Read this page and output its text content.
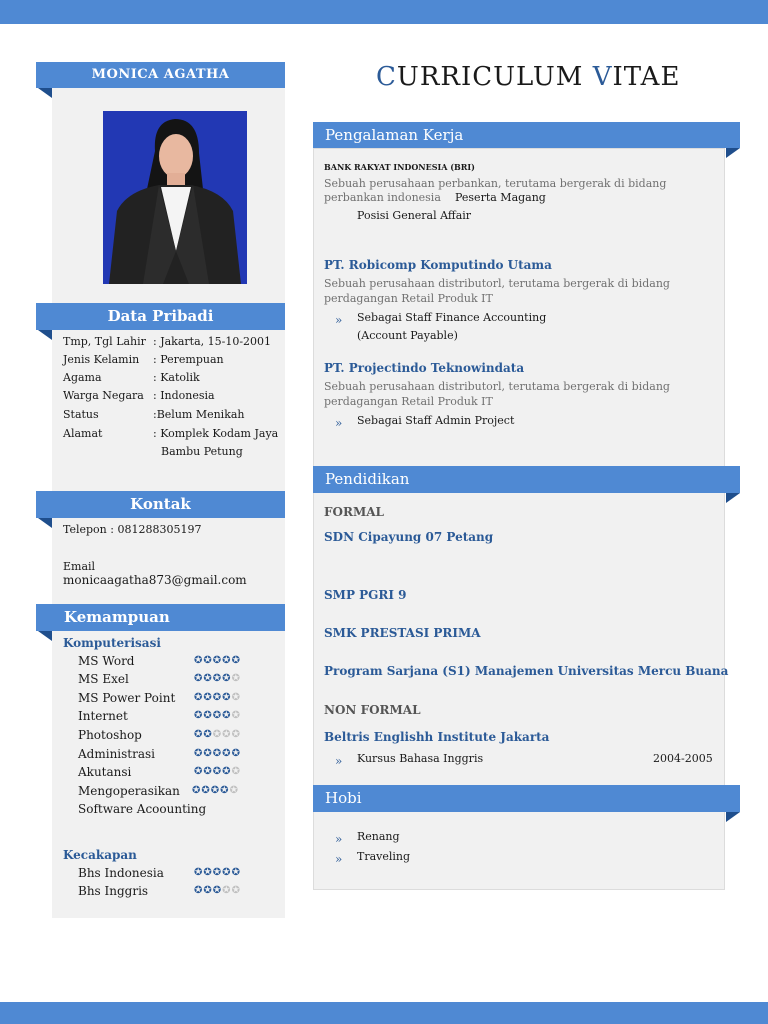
CURRICULUM VITAE
MONICA AGATHA
Data Pribadi
Tmp, Tgl Lahir : Jakarta, 15-10-2001
Jenis Kelamin : Perempuan
Agama	: Katolik
Warga Negara : Indonesia
Status	:Belum Menikah
Alamat	: Komplek Kodam Jaya
Bambu Petung
Kontak
Telepon : 081288305197
Email
monicaagatha873@gmail.com
Kemampuan
Komputerisasi
MS Word	✪✪✪✪✪
MS Exel	✪✪✪✪✪
MS Power Point ✪✪✪✪✪
Internet	✪✪✪✪✪
Photoshop	✪✪✪✪✪
Administrasi	✪✪✪✪✪
Akutansi	✪✪✪✪✪
Mengoperasikan ✪✪✪✪✪
Software Acoounting
Kecakapan
Bhs Indonesia	✪✪✪✪✪
Bhs Inggris	✪✪✪✪✪
Pengalaman Kerja
BANK RAKYAT INDONESIA (BRI)
Sebuah perusahaan perbankan, terutama bergerak di bidang
perbankan indonesia Peserta Magang
Posisi General Affair
PT. Robicomp Komputindo Utama
Sebuah perusahaan distributorl, terutama bergerak di bidang
perdagangan Retail Produk IT
» Sebagai Staff Finance Accounting
(Account Payable)
PT. Projectindo Teknowindata
Sebuah perusahaan distributorl, terutama bergerak di bidang
perdagangan Retail Produk IT
» Sebagai Staff Admin Project
Pendidikan
FORMAL
SDN Cipayung 07 Petang
SMP PGRI 9
SMK PRESTASI PRIMA
Program Sarjana (S1) Manajemen Universitas Mercu Buana
NON FORMAL
Beltris Englishh Institute Jakarta
» Kursus Bahasa Inggris	2004-2005
Hobi
» Renang
» Traveling
